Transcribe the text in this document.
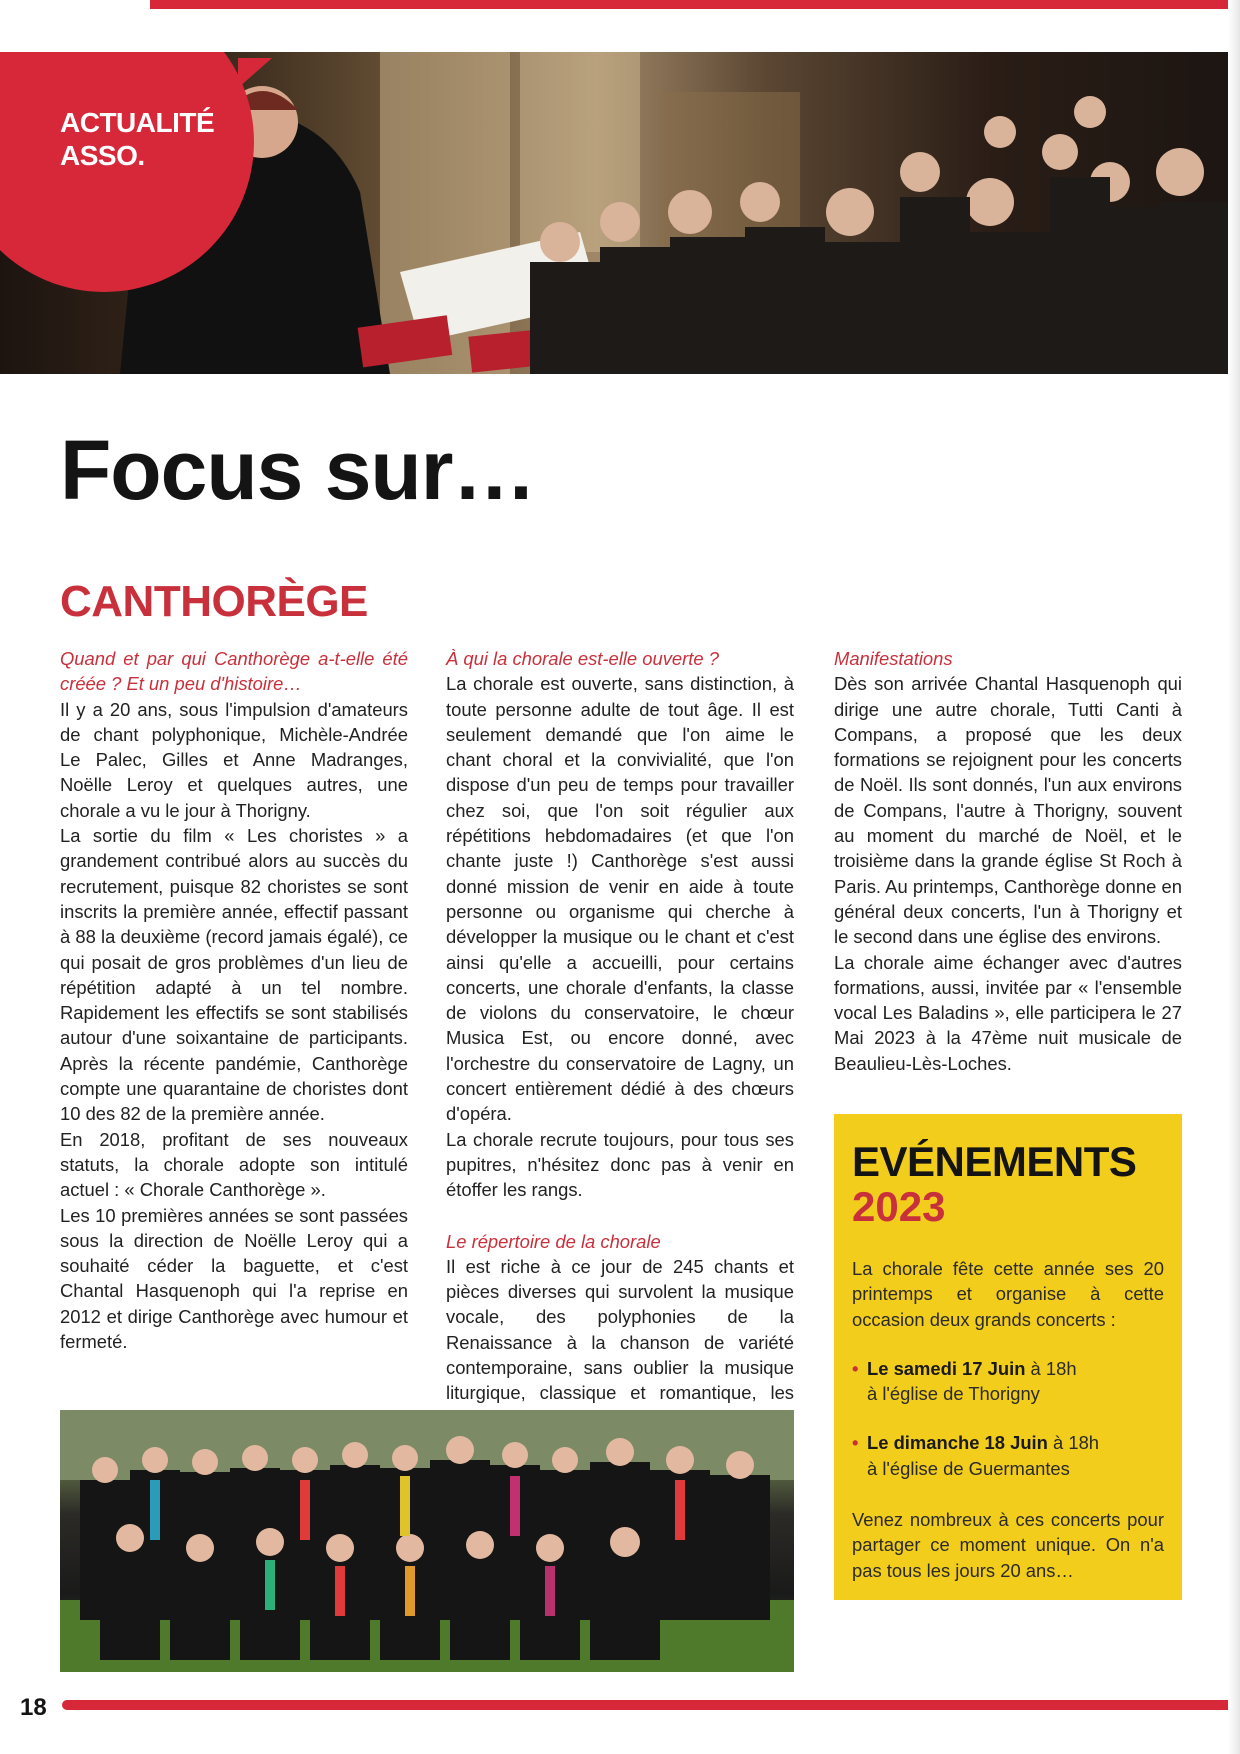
ACTUALITÉ
ASSO.
Focus sur…
CANTHORÈGE

Quand et par qui Canthorège a-t-elle été créée ? Et un peu d'histoire…

Il y a 20 ans, sous l'impulsion d'amateurs de chant polyphonique, Michèle-Andrée Le Palec, Gilles et Anne Madranges, Noëlle Leroy et quelques autres, une chorale a vu le jour à Thorigny.

La sortie du film « Les choristes » a grandement contribué alors au succès du recrutement, puisque 82 choristes se sont inscrits la première année, effectif passant à 88 la deuxième (record jamais égalé), ce qui posait de gros problèmes d'un lieu de répétition adapté à un tel nombre. Rapidement les effectifs se sont stabilisés autour d'une soixantaine de participants. Après la récente pandémie, Canthorège compte une quarantaine de choristes dont 10 des 82 de la première année.

En 2018, profitant de ses nouveaux statuts, la chorale adopte son intitulé actuel : « Chorale Canthorège ».

Les 10 premières années se sont passées sous la direction de Noëlle Leroy qui a souhaité céder la baguette, et c'est Chantal Hasquenoph qui l'a reprise en 2012 et dirige Canthorège avec humour et fermeté.

À qui la chorale est-elle ouverte ?

La chorale est ouverte, sans distinction, à toute personne adulte de tout âge. Il est seulement demandé que l'on aime le chant choral et la convivialité, que l'on dispose d'un peu de temps pour travailler chez soi, que l'on soit régulier aux répétitions hebdomadaires (et que l'on chante juste !) Canthorège s'est aussi donné mission de venir en aide à toute personne ou organisme qui cherche à développer la musique ou le chant et c'est ainsi qu'elle a accueilli, pour certains concerts, une chorale d'enfants, la classe de violons du conservatoire, le chœur Musica Est, ou encore donné, avec l'orchestre du conservatoire de Lagny, un concert entièrement dédié à des chœurs d'opéra.

La chorale recrute toujours, pour tous ses pupitres, n'hésitez donc pas à venir en étoffer les rangs.

Le répertoire de la chorale

Il est riche à ce jour de 245 chants et pièces diverses qui survolent la musique vocale, des polyphonies de la Renaissance à la chanson de variété contemporaine, sans oublier la musique liturgique, classique et romantique, les

Manifestations

Dès son arrivée Chantal Hasquenoph qui dirige une autre chorale, Tutti Canti à Compans, a proposé que les deux formations se rejoignent pour les concerts de Noël. Ils sont donnés, l'un aux environs de Compans, l'autre à Thorigny, souvent au moment du marché de Noël, et le troisième dans la grande église St Roch à Paris. Au printemps, Canthorège donne en général deux concerts, l'un à Thorigny et le second dans une église des environs.

La chorale aime échanger avec d'autres formations, aussi, invitée par « l'ensemble vocal Les Baladins », elle participera le 27 Mai 2023 à la 47ème nuit musicale de Beaulieu-Lès-Loches.

EVÉNEMENTS

2023

La chorale fête cette année ses 20 printemps et organise à cette occasion deux grands concerts :

• Le samedi 17 Juin à 18h
à l'église de Thorigny

• Le dimanche 18 Juin à 18h
à l'église de Guermantes

Venez nombreux à ces concerts pour partager ce moment unique. On n'a pas tous les jours 20 ans…

18
